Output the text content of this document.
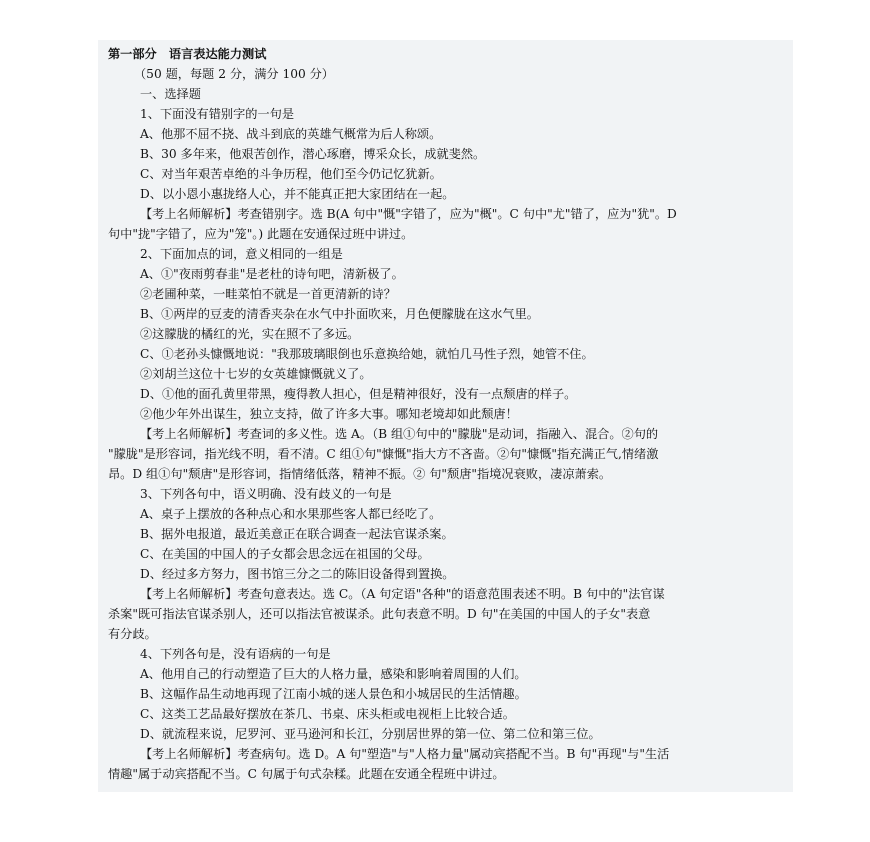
第一部分　语言表达能力测试
（50 题，每题 2 分，满分 100 分）
一、选择题
1、下面没有错别字的一句是
A、他那不屈不挠、战斗到底的英雄气概常为后人称颂。
B、30 多年来，他艰苦创作，潜心琢磨，博采众长，成就斐然。
C、对当年艰苦卓绝的斗争历程，他们至今仍记忆犹新。
D、以小恩小惠拢络人心，并不能真正把大家团结在一起。
【考上名师解析】考查错别字。选 B(A 句中"慨"字错了，应为"概"。C 句中"尤"错了，应为"犹"。D
句中"拢"字错了，应为"笼"。) 此题在安通保过班中讲过。
2、下面加点的词，意义相同的一组是
A、①"夜雨剪春韭"是老杜的诗句吧，清新极了。
②老圃种菜，一畦菜怕不就是一首更清新的诗？
B、①两岸的豆麦的清香夹杂在水气中扑面吹来，月色便朦胧在这水气里。
②这朦胧的橘红的光，实在照不了多远。
C、①老孙头慷慨地说："我那玻璃眼倒也乐意换给她，就怕几马性子烈，她管不住。
②刘胡兰这位十七岁的女英雄慷慨就义了。
D、①他的面孔黄里带黑，瘦得教人担心，但是精神很好，没有一点颓唐的样子。
②他少年外出谋生，独立支持，做了许多大事。哪知老境却如此颓唐！
【考上名师解析】考查词的多义性。选 A。（B 组①句中的"朦胧"是动词，指融入、混合。②句的
"朦胧"是形容词，指光线不明，看不清。C 组①句"慷慨"指大方不吝啬。②句"慷慨"指充满正气,情绪激
昂。D 组①句"颓唐"是形容词，指情绪低落，精神不振。② 句"颓唐"指境况衰败，凄凉萧索。
3、下列各句中，语义明确、没有歧义的一句是
A、桌子上摆放的各种点心和水果那些客人都已经吃了。
B、据外电报道，最近美意正在联合调查一起法官谋杀案。
C、在美国的中国人的子女都会思念远在祖国的父母。
D、经过多方努力，图书馆三分之二的陈旧设备得到置换。
【考上名师解析】考查句意表达。选 C。（A 句定语"各种"的语意范围表述不明。B 句中的"法官谋
杀案"既可指法官谋杀别人，还可以指法官被谋杀。此句表意不明。D 句"在美国的中国人的子女"表意
有分歧。
4、下列各句是，没有语病的一句是
A、他用自己的行动塑造了巨大的人格力量，感染和影响着周围的人们。
B、这幅作品生动地再现了江南小城的迷人景色和小城居民的生活情趣。
C、这类工艺品最好摆放在茶几、书桌、床头柜或电视柜上比较合适。
D、就流程来说，尼罗河、亚马逊河和长江，分别居世界的第一位、第二位和第三位。
【考上名师解析】考查病句。选 D。A 句"塑造"与"人格力量"属动宾搭配不当。B 句"再现"与"生活
情趣"属于动宾搭配不当。C 句属于句式杂糅。此题在安通全程班中讲过。
